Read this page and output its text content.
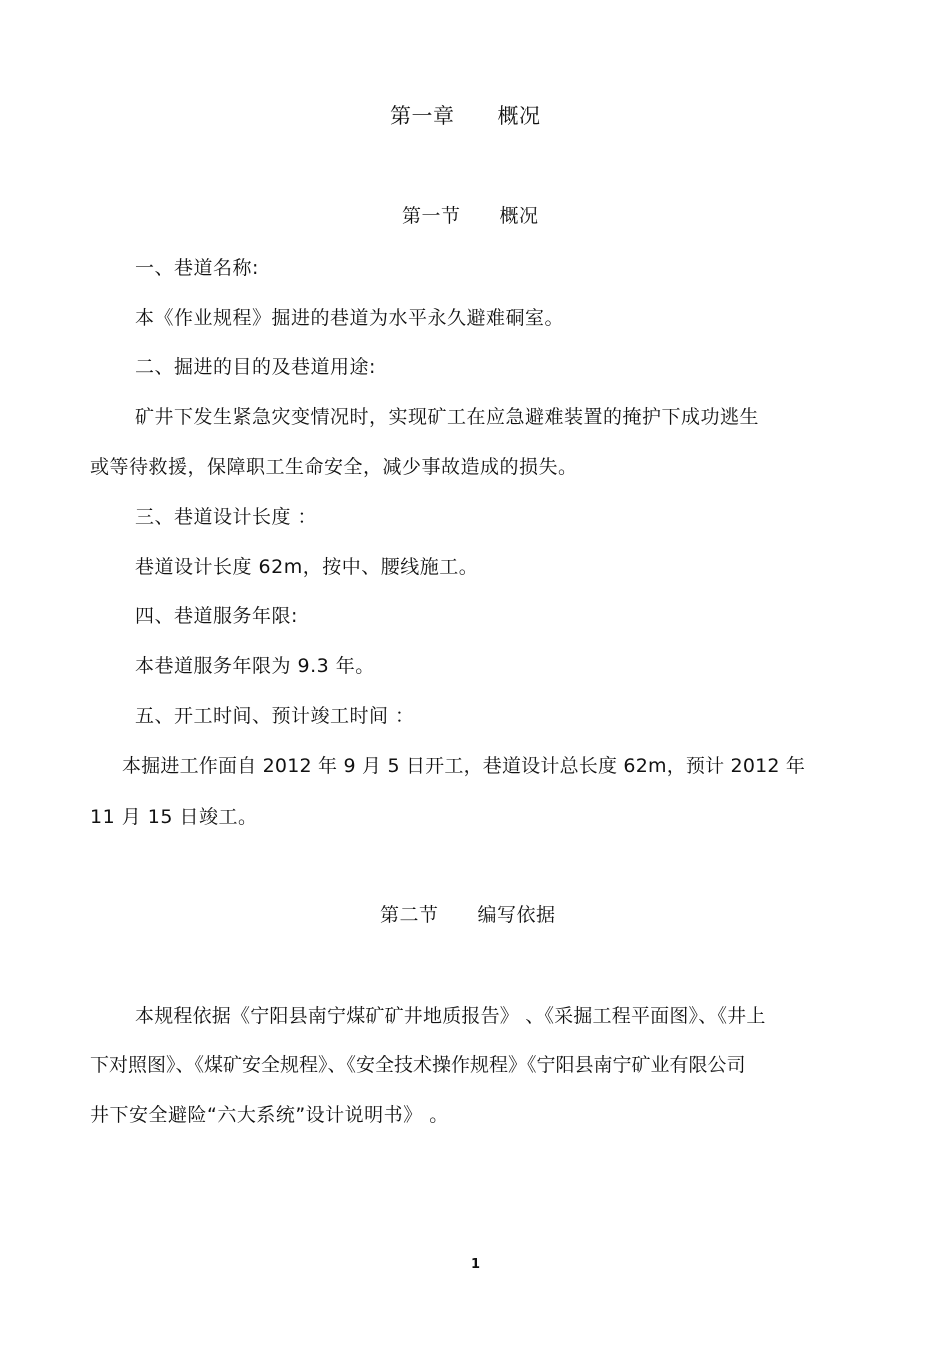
第一章　　概况
第一节　　概况
一、巷道名称:
本《作业规程》掘进的巷道为水平永久避难硐室。
二、掘进的目的及巷道用途:
矿井下发生紧急灾变情况时，实现矿工在应急避难装置的掩护下成功逃生
或等待救援，保障职工生命安全，减少事故造成的损失。
三、巷道设计长度 ：
巷道设计长度 62m，按中、腰线施工。
四、巷道服务年限:
本巷道服务年限为 9.3 年。
五、开工时间、预计竣工时间 ：
本掘进工作面自 2012 年 9 月 5 日开工，巷道设计总长度 62m，预计 2012 年
11 月 15 日竣工。
第二节　　编写依据
本规程依据《宁阳县南宁煤矿矿井地质报告》 、《采掘工程平面图》、《井上
下对照图》、《煤矿安全规程》、《安全技术操作规程》《宁阳县南宁矿业有限公司
井下安全避险“六大系统”设计说明书》 。
1
